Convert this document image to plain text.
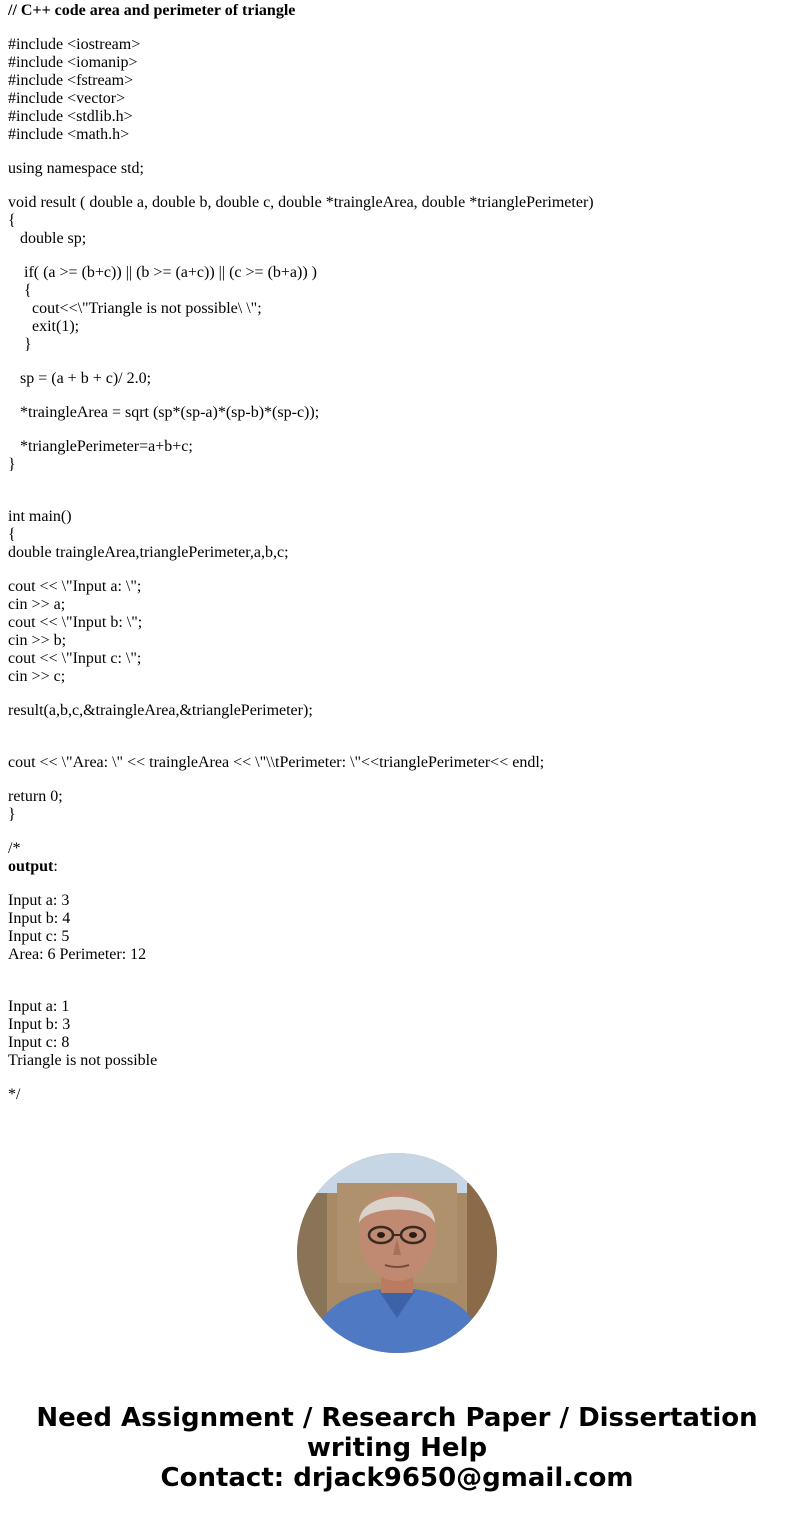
// C++ code area and perimeter of triangle
#include <iostream>
#include <iomanip>
#include <fstream>
#include <vector>
#include <stdlib.h>
#include <math.h>
using namespace std;
void result ( double a, double b, double c, double *traingleArea, double *trianglePerimeter)
{
double sp;
if( (a >= (b+c)) || (b >= (a+c)) || (c >= (b+a)) )
{
cout<<\"Triangle is not possible\ \";
exit(1);
}
sp = (a + b + c)/ 2.0;
*traingleArea = sqrt (sp*(sp-a)*(sp-b)*(sp-c));
*trianglePerimeter=a+b+c;
}
int main()
{
double traingleArea,trianglePerimeter,a,b,c;
cout << \"Input a: \";
cin >> a;
cout << \"Input b: \";
cin >> b;
cout << \"Input c: \";
cin >> c;
result(a,b,c,&traingleArea,&trianglePerimeter);
cout << \"Area: \" << traingleArea << \"\\tPerimeter: \"<<trianglePerimeter<< endl;
return 0;
}
/*
output:
Input a: 3
Input b: 4
Input c: 5
Area: 6 Perimeter: 12
Input a: 1
Input b: 3
Input c: 8
Triangle is not possible
*/
Need Assignment / Research Paper / Dissertation
writing Help
Contact: drjack9650@gmail.com
